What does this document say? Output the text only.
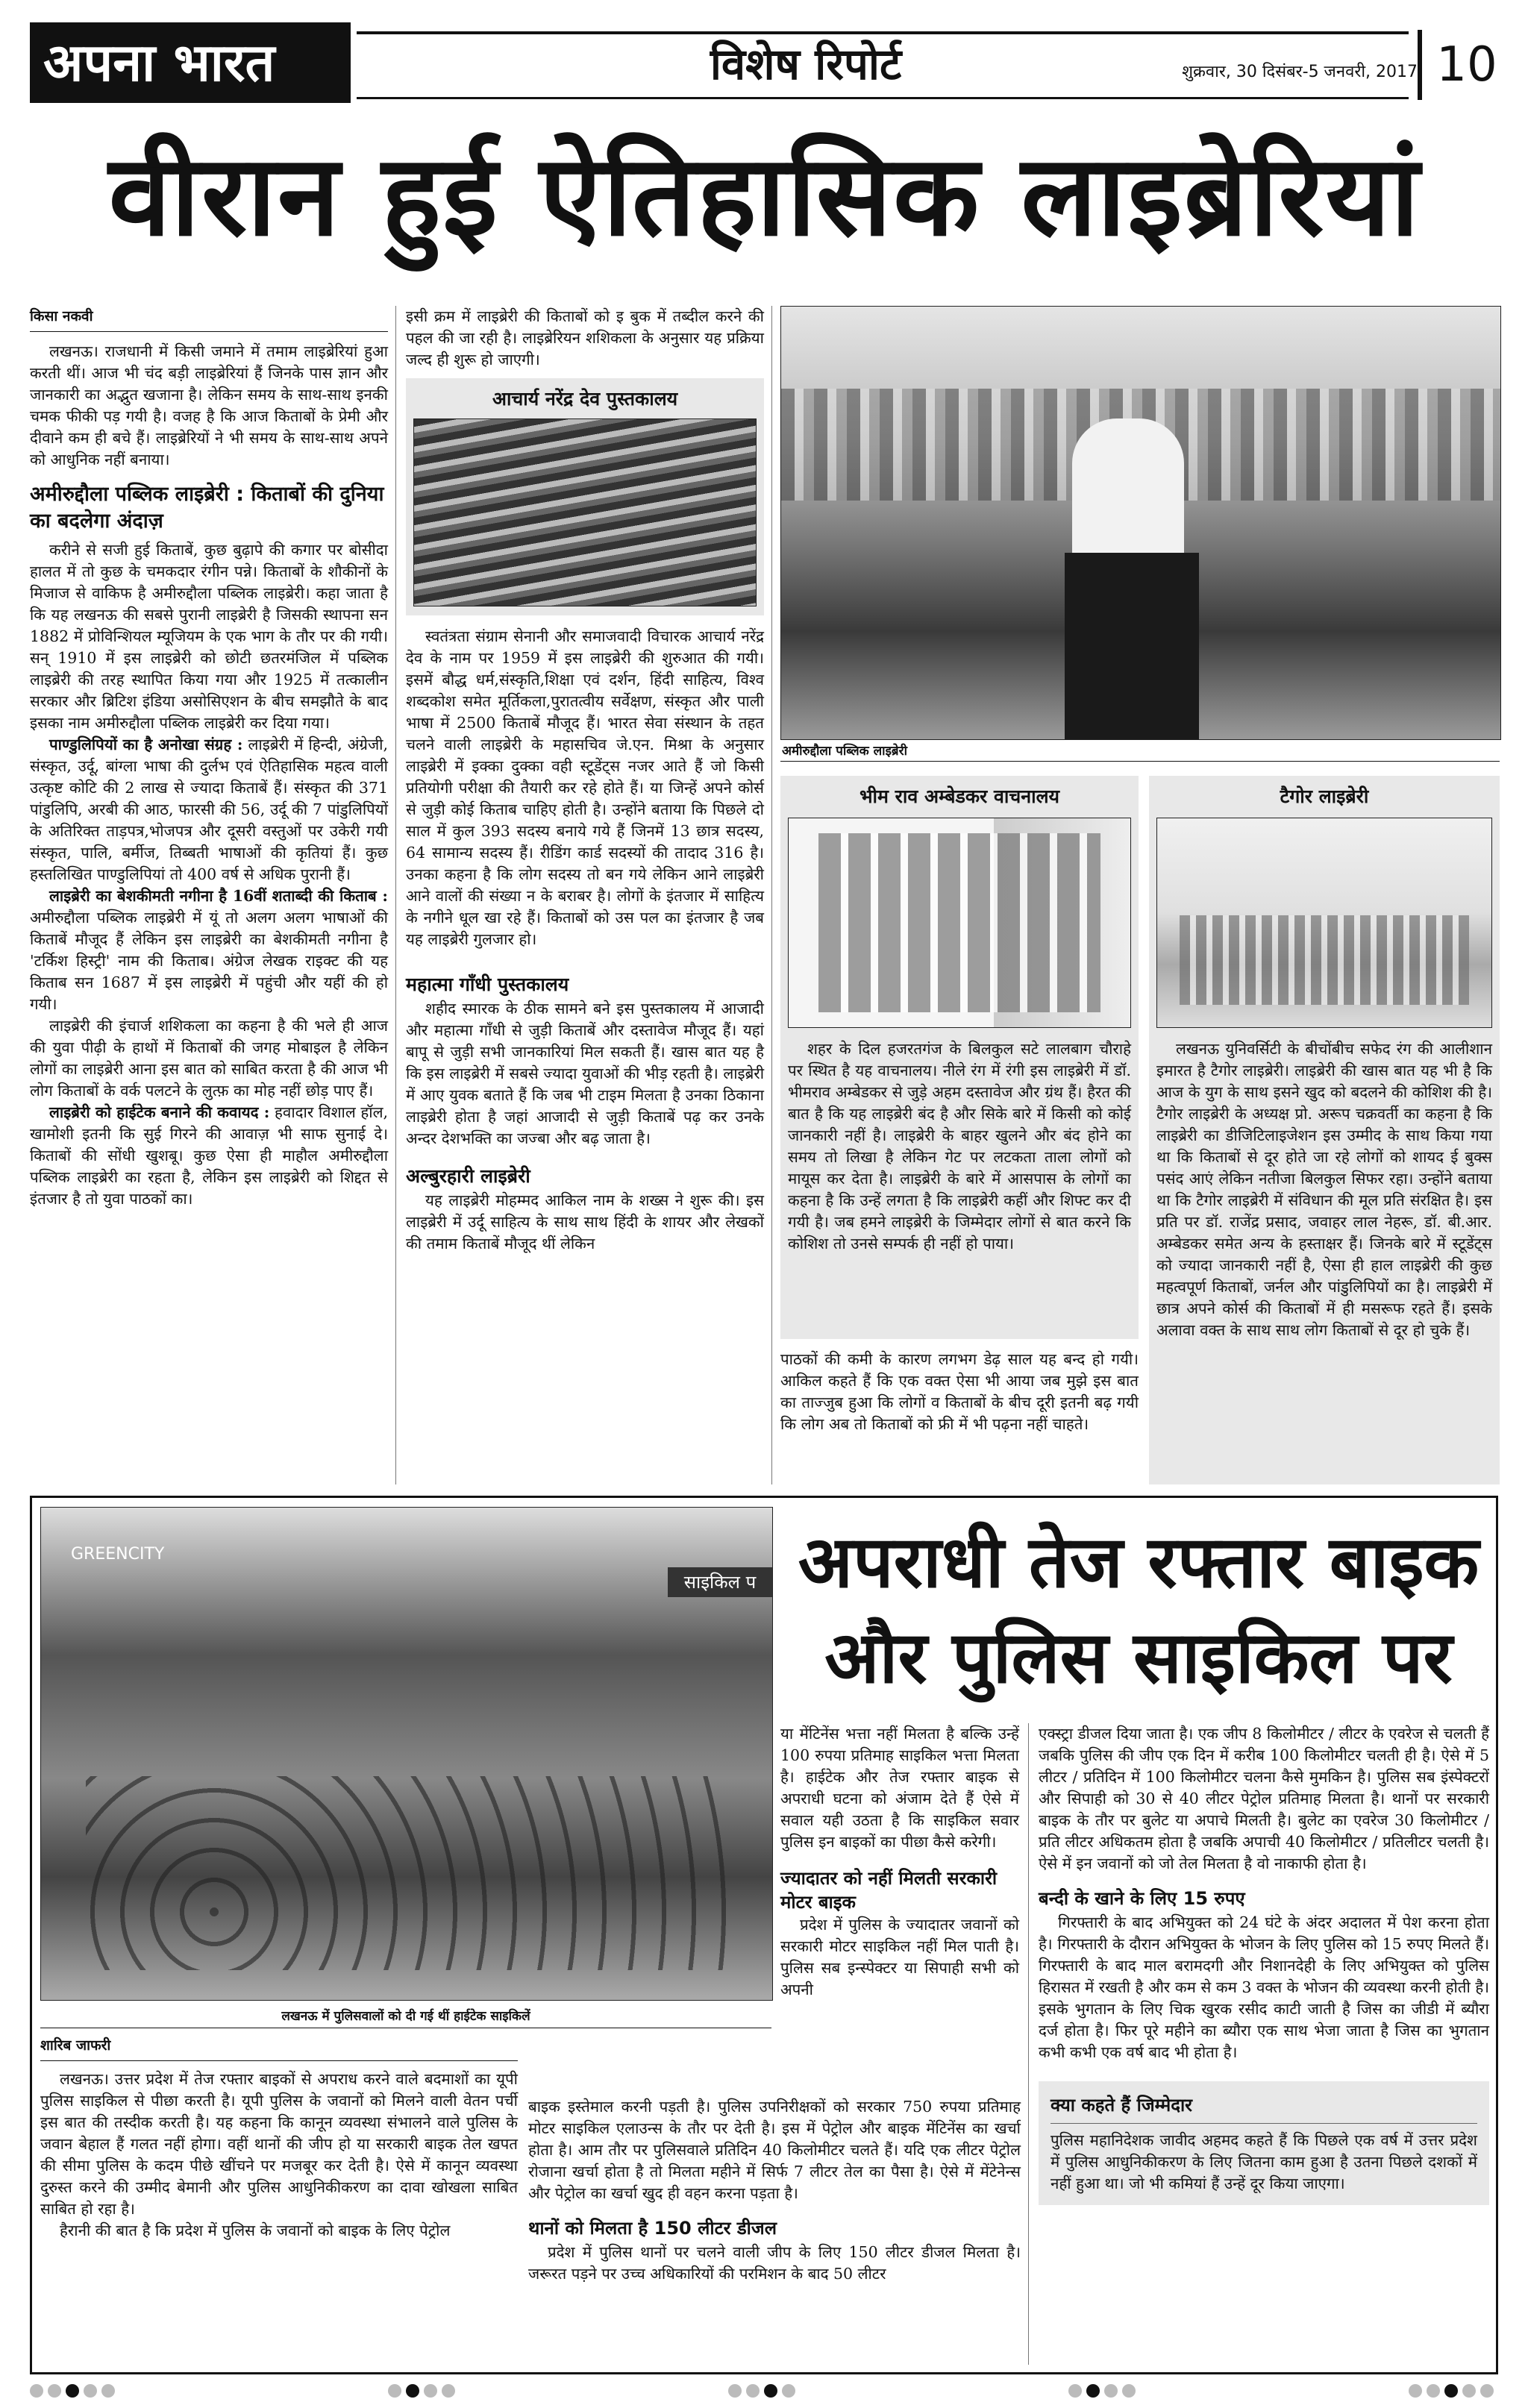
अपना भारत	विशेष रिपोर्ट	शुक्रवार, 30 दिसंबर-5 जनवरी, 2017 10
वीरान हुई ऐतिहासिक लाइब्रेरियां
किसा नकवी

लखनऊ। राजधानी में किसी जमाने में तमाम लाइब्रेरियां हुआ करती थीं। आज भी चंद बड़ी लाइब्रेरियां हैं जिनके पास ज्ञान और जानकारी का अद्भुत खजाना है। लेकिन समय के साथ-साथ इनकी चमक फीकी पड़ गयी है। वजह है कि आज किताबों के प्रेमी और दीवाने कम ही बचे हैं। लाइब्रेरियों ने भी समय के साथ-साथ अपने को आधुनिक नहीं बनाया।

अमीरुद्दौला पब्लिक लाइब्रेरी : किताबों की दुनिया का बदलेगा अंदाज़

करीने से सजी हुई किताबें, कुछ बुढ़ापे की कगार पर बोसीदा हालत में तो कुछ के चमकदार रंगीन पन्ने। किताबों के शौकीनों के मिजाज से वाकिफ है अमीरुद्दौला पब्लिक लाइब्रेरी। कहा जाता है कि यह लखनऊ की सबसे पुरानी लाइब्रेरी है जिसकी स्थापना सन 1882 में प्रोविन्शियल म्यूजियम के एक भाग के तौर पर की गयी। सन् 1910 में इस लाइब्रेरी को छोटी छतरमंजिल में पब्लिक लाइब्रेरी की तरह स्थापित किया गया और 1925 में तत्कालीन सरकार और ब्रिटिश इंडिया असोसिएशन के बीच समझौते के बाद इसका नाम अमीरुद्दौला पब्लिक लाइब्रेरी कर दिया गया।

पाण्डुलिपियों का है अनोखा संग्रह : लाइब्रेरी में हिन्दी, अंग्रेजी, संस्कृत, उर्दू, बांग्ला भाषा की दुर्लभ एवं ऐतिहासिक महत्व वाली उत्कृष्ट कोटि की 2 लाख से ज्यादा किताबें हैं। संस्कृत की 371 पांडुलिपि, अरबी की आठ, फारसी की 56, उर्दू की 7 पांडुलिपियों के अतिरिक्त ताड़पत्र,भोजपत्र और दूसरी वस्तुओं पर उकेरी गयी संस्कृत, पालि, बर्मीज, तिब्बती भाषाओं की कृतियां हैं। कुछ हस्तलिखित पाण्डुलिपियां तो 400 वर्ष से अधिक पुरानी हैं।

लाइब्रेरी का बेशकीमती नगीना है 16वीं शताब्दी की किताब : अमीरुद्दौला पब्लिक लाइब्रेरी में यूं तो अलग अलग भाषाओं की किताबें मौजूद हैं लेकिन इस लाइब्रेरी का बेशकीमती नगीना है 'टर्किश हिस्ट्री' नाम की किताब। अंग्रेज लेखक राइक्ट की यह किताब सन 1687 में इस लाइब्रेरी में पहुंची और यहीं की हो गयी।

लाइब्रेरी की इंचार्ज शशिकला का कहना है की भले ही आज की युवा पीढ़ी के हाथों में किताबों की जगह मोबाइल है लेकिन लोगों का लाइब्रेरी आना इस बात को साबित करता है की आज भी लोग किताबों के वर्क पलटने के लुत्फ़ का मोह नहीं छोड़ पाए हैं।

लाइब्रेरी को हाईटेक बनाने की कवायद : हवादार विशाल हॉल, खामोशी इतनी कि सुई गिरने की आवाज़ भी साफ सुनाई दे। किताबों की सोंधी खुशबू। कुछ ऐसा ही माहौल अमीरुद्दौला पब्लिक लाइब्रेरी का रहता है, लेकिन इस लाइब्रेरी को शिद्दत से इंतजार है तो युवा पाठकों का।

इसी क्रम में लाइब्रेरी की किताबों को इ बुक में तब्दील करने की पहल की जा रही है। लाइब्रेरियन शशिकला के अनुसार यह प्रक्रिया जल्द ही शुरू हो जाएगी।

आचार्य नरेंद्र देव पुस्तकालय

स्वतंत्रता संग्राम सेनानी और समाजवादी विचारक आचार्य नरेंद्र देव के नाम पर 1959 में इस लाइब्रेरी की शुरुआत की गयी। इसमें बौद्ध धर्म,संस्कृति,शिक्षा एवं दर्शन, हिंदी साहित्य, विश्व शब्दकोश समेत मूर्तिकला,पुरातत्वीय सर्वेक्षण, संस्कृत और पाली भाषा में 2500 किताबें मौजूद हैं। भारत सेवा संस्थान के तहत चलने वाली लाइब्रेरी के महासचिव जे.एन. मिश्रा के अनुसार लाइब्रेरी में इक्का दुक्का वही स्टूडेंट्स नजर आते हैं जो किसी प्रतियोगी परीक्षा की तैयारी कर रहे होते हैं। या जिन्हें अपने कोर्स से जुड़ी कोई किताब चाहिए होती है। उन्होंने बताया कि पिछले दो साल में कुल 393 सदस्य बनाये गये हैं जिनमें 13 छात्र सदस्य, 64 सामान्य सदस्य हैं। रीडिंग कार्ड सदस्यों की तादाद 316 है। उनका कहना है कि लोग सदस्य तो बन गये लेकिन आने लाइब्रेरी आने वालों की संख्या न के बराबर है। लोगों के इंतजार में साहित्य के नगीने धूल खा रहे हैं। किताबों को उस पल का इंतजार है जब यह लाइब्रेरी गुलजार हो।

महात्मा गाँधी पुस्तकालय

शहीद स्मारक के ठीक सामने बने इस पुस्तकालय में आजादी और महात्मा गाँधी से जुड़ी किताबें और दस्तावेज मौजूद हैं। यहां बापू से जुड़ी सभी जानकारियां मिल सकती हैं। खास बात यह है कि इस लाइब्रेरी में सबसे ज्यादा युवाओं की भीड़ रहती है। लाइब्रेरी में आए युवक बताते हैं कि जब भी टाइम मिलता है उनका ठिकाना लाइब्रेरी होता है जहां आजादी से जुड़ी किताबें पढ़ कर उनके अन्दर देशभक्ति का जज्बा और बढ़ जाता है।

अल्बुरहारी लाइब्रेरी

यह लाइब्रेरी मोहम्मद आकिल नाम के शख्स ने शुरू की। इस लाइब्रेरी में उर्दू साहित्य के साथ साथ हिंदी के शायर और लेखकों की तमाम किताबें मौजूद थीं लेकिन

अमीरुद्दौला पब्लिक लाइब्रेरी
भीम राव अम्बेडकर वाचनालय

शहर के दिल हजरतगंज के बिलकुल सटे लालबाग चौराहे पर स्थित है यह वाचनालय। नीले रंग में रंगी इस लाइब्रेरी में डॉ. भीमराव अम्बेडकर से जुड़े अहम दस्तावेज और ग्रंथ हैं। हैरत की बात है कि यह लाइब्रेरी बंद है और सिके बारे में किसी को कोई जानकारी नहीं है। लाइब्रेरी के बाहर खुलने और बंद होने का समय तो लिखा है लेकिन गेट पर लटकता ताला लोगों को मायूस कर देता है। लाइब्रेरी के बारे में आसपास के लोगों का कहना है कि उन्हें लगता है कि लाइब्रेरी कहीं और शिफ्ट कर दी गयी है। जब हमने लाइब्रेरी के जिम्मेदार लोगों से बात करने कि कोशिश तो उनसे सम्पर्क ही नहीं हो पाया।

पाठकों की कमी के कारण लगभग डेढ़ साल यह बन्द हो गयी। आकिल कहते हैं कि एक वक्त ऐसा भी आया जब मुझे इस बात का ताज्जुब हुआ कि लोगों व किताबों के बीच दूरी इतनी बढ़ गयी कि लोग अब तो किताबों को फ्री में भी पढ़ना नहीं चाहते।

टैगोर लाइब्रेरी

लखनऊ युनिवर्सिटी के बीचोंबीच सफेद रंग की आलीशान इमारत है टैगोर लाइब्रेरी। लाइब्रेरी की खास बात यह भी है कि आज के युग के साथ इसने खुद को बदलने की कोशिश की है। टैगोर लाइब्रेरी के अध्यक्ष प्रो. अरूप चक्रवर्ती का कहना है कि लाइब्रेरी का डीजिटिलाइजेशन इस उम्मीद के साथ किया गया था कि किताबों से दूर होते जा रहे लोगों को शायद ई बुक्स पसंद आएं लेकिन नतीजा बिलकुल सिफर रहा। उन्होंने बताया था कि टैगोर लाइब्रेरी में संविधान की मूल प्रति संरक्षित है। इस प्रति पर डॉ. राजेंद्र प्रसाद, जवाहर लाल नेहरू, डॉ. बी.आर. अम्बेडकर समेत अन्य के हस्ताक्षर हैं। जिनके बारे में स्टूडेंट्स को ज्यादा जानकारी नहीं है, ऐसा ही हाल लाइब्रेरी की कुछ महत्वपूर्ण किताबों, जर्नल और पांडुलिपियों का है। लाइब्रेरी में छात्र अपने कोर्स की किताबों में ही मसरूफ रहते हैं। इसके अलावा वक्त के साथ साथ लोग किताबों से दूर हो चुके हैं।

GREENCITY
साइकिल प
लखनऊ में पुलिसवालों को दी गई थीं हाईटेक साइकिलें
अपराधी तेज रफ्तार बाइक
और पुलिस साइकिल पर
शारिब जाफरी

लखनऊ। उत्तर प्रदेश में तेज रफ्तार बाइकों से अपराध करने वाले बदमाशों का यूपी पुलिस साइकिल से पीछा करती है। यूपी पुलिस के जवानों को मिलने वाली वेतन पर्ची इस बात की तस्दीक करती है। यह कहना कि कानून व्यवस्था संभालने वाले पुलिस के जवान बेहाल हैं गलत नहीं होगा। वहीं थानों की जीप हो या सरकारी बाइक तेल खपत की सीमा पुलिस के कदम पीछे खींचने पर मजबूर कर देती है। ऐसे में कानून व्यवस्था दुरुस्त करने की उम्मीद बेमानी और पुलिस आधुनिकीकरण का दावा खोखला साबित साबित हो रहा है।

हैरानी की बात है कि प्रदेश में पुलिस के जवानों को बाइक के लिए पेट्रोल

या मेंटिनेंस भत्ता नहीं मिलता है बल्कि उन्हें 100 रुपया प्रतिमाह साइकिल भत्ता मिलता है। हाईटेक और तेज रफ्तार बाइक से अपराधी घटना को अंजाम देते हैं ऐसे में सवाल यही उठता है कि साइकिल सवार पुलिस इन बाइकों का पीछा कैसे करेगी।

ज्यादातर को नहीं मिलती सरकारी मोटर बाइक

प्रदेश में पुलिस के ज्यादातर जवानों को सरकारी मोटर साइकिल नहीं मिल पाती है। पुलिस सब इन्स्पेक्टर या सिपाही सभी को अपनी

बाइक इस्तेमाल करनी पड़ती है। पुलिस उपनिरीक्षकों को सरकार 750 रुपया प्रतिमाह मोटर साइकिल एलाउन्स के तौर पर देती है। इस में पेट्रोल और बाइक मेंटिनेंस का खर्चा होता है। आम तौर पर पुलिसवाले प्रतिदिन 40 किलोमीटर चलते हैं। यदि एक लीटर पेट्रोल रोजाना खर्चा होता है तो मिलता महीने में सिर्फ 7 लीटर तेल का पैसा है। ऐसे में मेंटेनेन्स और पेट्रोल का खर्चा खुद ही वहन करना पड़ता है।

थानों को मिलता है 150 लीटर डीजल

प्रदेश में पुलिस थानों पर चलने वाली जीप के लिए 150 लीटर डीजल मिलता है। जरूरत पड़ने पर उच्च अधिकारियों की परमिशन के बाद 50 लीटर

एक्स्ट्रा डीजल दिया जाता है। एक जीप 8 किलोमीटर / लीटर के एवरेज से चलती हैं जबकि पुलिस की जीप एक दिन में करीब 100 किलोमीटर चलती ही है। ऐसे में 5 लीटर / प्रतिदिन में 100 किलोमीटर चलना कैसे मुमकिन है। पुलिस सब इंस्पेक्टरों और सिपाही को 30 से 40 लीटर पेट्रोल प्रतिमाह मिलता है। थानों पर सरकारी बाइक के तौर पर बुलेट या अपाचे मिलती है। बुलेट का एवरेज 30 किलोमीटर / प्रति लीटर अधिकतम होता है जबकि अपाची 40 किलोमीटर / प्रतिलीटर चलती है। ऐसे में इन जवानों को जो तेल मिलता है वो नाकाफी होता है।

बन्दी के खाने के लिए 15 रुपए

गिरफ्तारी के बाद अभियुक्त को 24 घंटे के अंदर अदालत में पेश करना होता है। गिरफ्तारी के दौरान अभियुक्त के भोजन के लिए पुलिस को 15 रुपए मिलते हैं। गिरफ्तारी के बाद माल बरामदगी और निशानदेही के लिए अभियुक्त को पुलिस हिरासत में रखती है और कम से कम 3 वक्त के भोजन की व्यवस्था करनी होती है। इसके भुगतान के लिए चिक खुरक रसीद काटी जाती है जिस का जीडी में ब्यौरा दर्ज होता है। फिर पूरे महीने का ब्यौरा एक साथ भेजा जाता है जिस का भुगतान कभी कभी एक वर्ष बाद भी होता है।

क्या कहते हैं जिम्मेदार

पुलिस महानिदेशक जावीद अहमद कहते हैं कि पिछले एक वर्ष में उत्तर प्रदेश में पुलिस आधुनिकीकरण के लिए जितना काम हुआ है उतना पिछले दशकों में नहीं हुआ था। जो भी कमियां हैं उन्हें दूर किया जाएगा।
